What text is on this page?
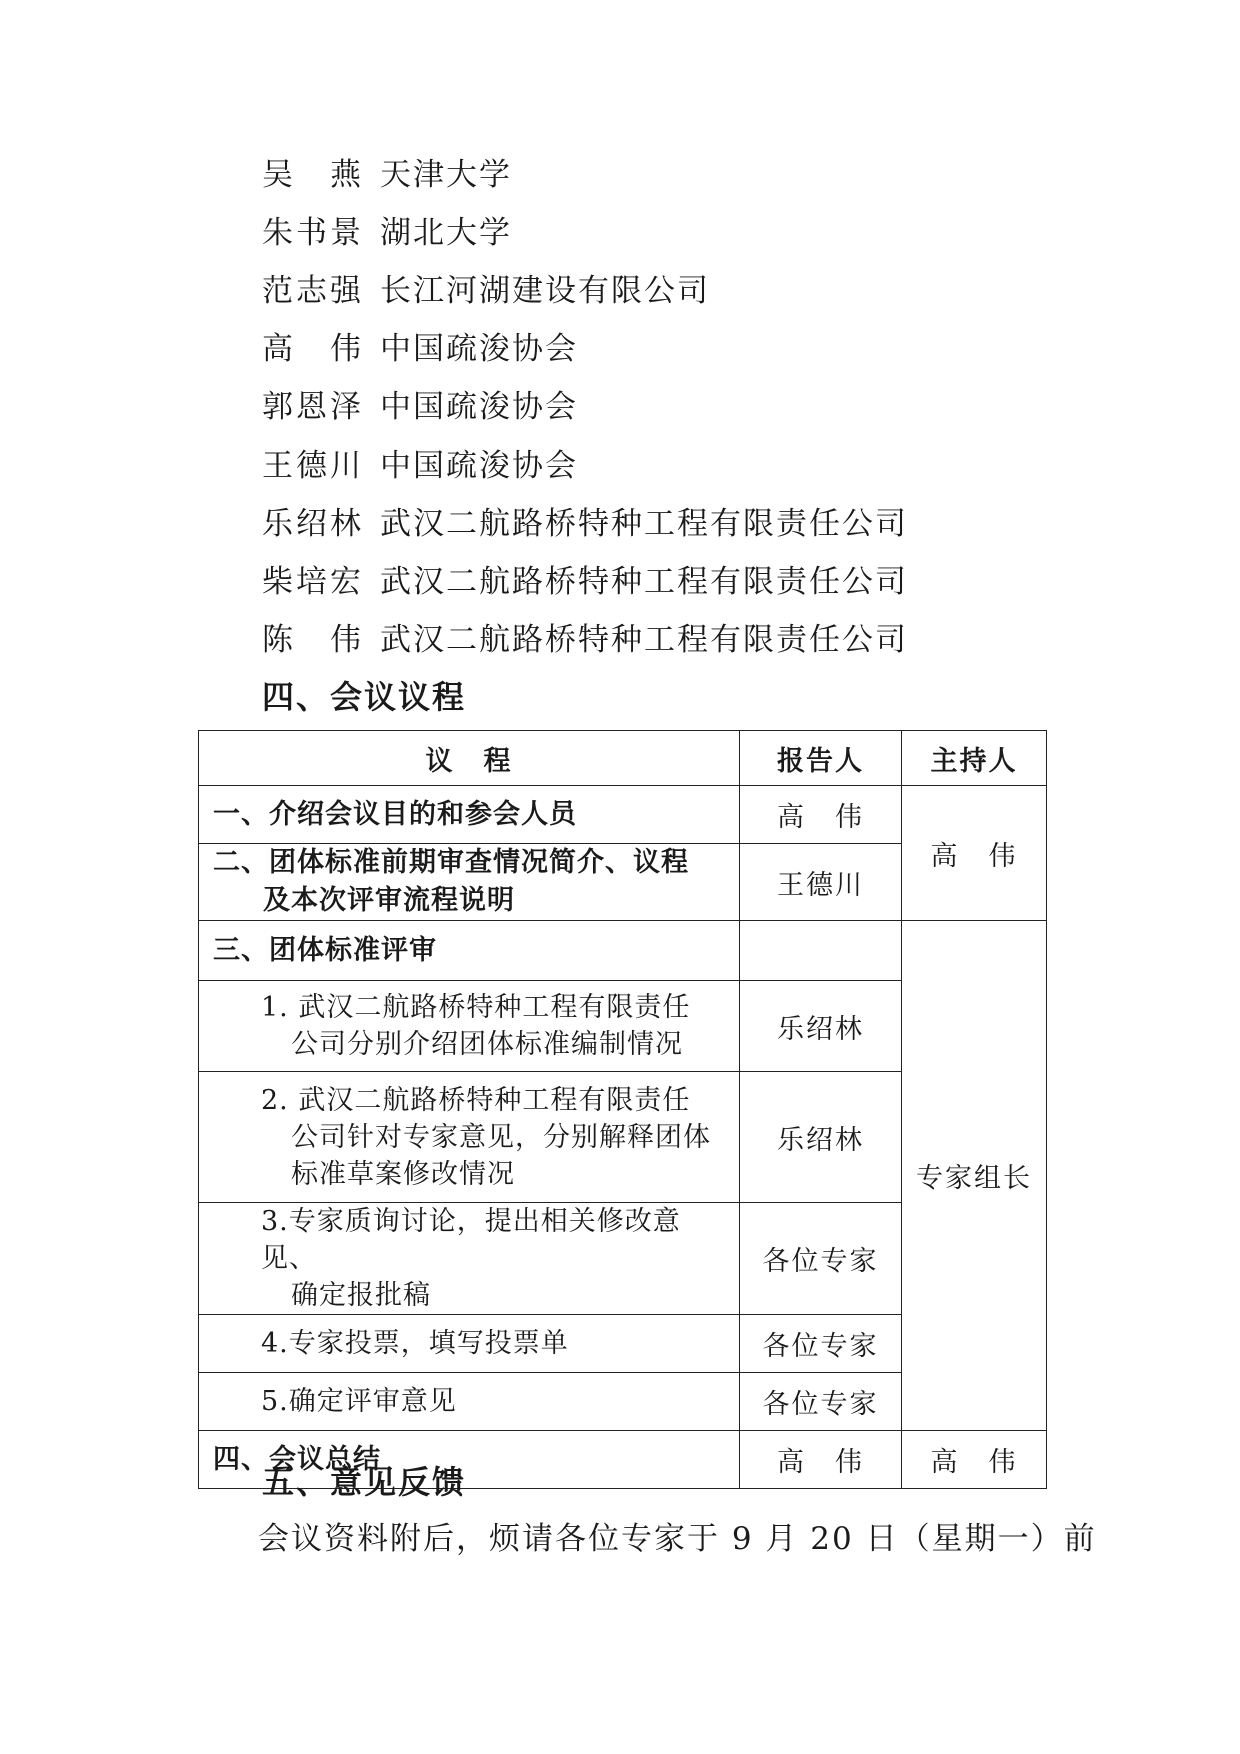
吴　燕 天津大学
朱书景 湖北大学
范志强 长江河湖建设有限公司
高　伟 中国疏浚协会
郭恩泽 中国疏浚协会
王德川 中国疏浚协会
乐绍林 武汉二航路桥特种工程有限责任公司
柴培宏 武汉二航路桥特种工程有限责任公司
陈　伟 武汉二航路桥特种工程有限责任公司
四、会议议程
议　程	报告人	主持人
一、介绍会议目的和参会人员	高　伟	高　伟
二、团体标准前期审查情况简介、议程
及本次评审流程说明	王德川	
三、团体标准评审		专家组长
1. 武汉二航路桥特种工程有限责任

公司分别介绍团体标准编制情况	乐绍林	
2. 武汉二航路桥特种工程有限责任

公司针对专家意见，分别解释团体
标准草案修改情况	乐绍林	
3.专家质询讨论，提出相关修改意见、

确定报批稿	各位专家	
4.专家投票，填写投票单	各位专家	
5.确定评审意见	各位专家	
四、会议总结	高　伟	高　伟
五、意见反馈
会议资料附后，烦请各位专家于 9 月 20 日（星期一）前
